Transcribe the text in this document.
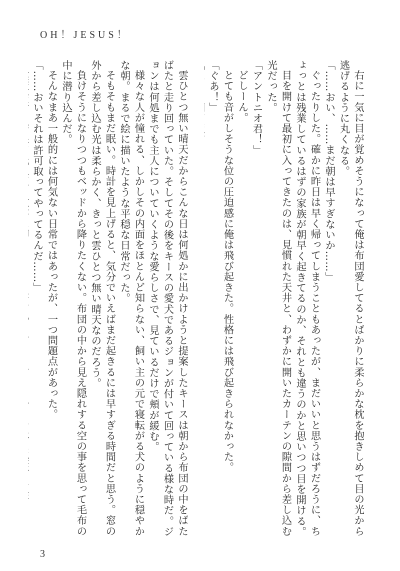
OH！JESUS！

右に一気に目が覚めそうになって俺は布団愛してるとばかりに柔らかな枕を抱きしめて目の光から逃げるように丸くなる。

「……おい、……まだ朝は早すぎないか……」

ぐったりした。確かに昨日は早く帰ってしまうこともあったが、まだいいと思うはずだろうに、ちょっとは残業しているはずの家族が朝早く起きてるのか、それとも違うのかと思いつつ目を開ける。

目を開けて最初に入ってきたのは、見慣れた天井と、わずかに開いたカーテンの隙間から差し込む光だった。

「アントニオ君！」

どしーん。

とても音がしそうな位の圧迫感に俺は飛び起きた。性格には飛び起きられなかった。

「ぐあ！」

雲ひとつ無い晴天だからこんな日は何処かに出かけようと提案したキースは朝から布団の中をばたばたと走り回っていた。そしてその後をキースの愛犬であるジョンが付いて回っている様な時だ。ジョンは何処までも主人についていくような愛らしさで、見ているだけで頬が緩む。

様々な人が憧れる、しかしその内面をほとんど知らない、飼い主の元で寝転がる犬のように穏やかな朝。まるで絵に描いたような平穏な日常だった。

そもそもまだ眠い。時計を見上げると、気分でいえばまだ起きるには早すぎる時間だと思う。窓の外から差し込む光は柔らかく、きっと雲ひとつ無い晴天なのだろう。

負けそうになりつつもベッドから降りたくない。布団の中から見え隠れする空の事を思って毛布の中に潜り込んだ。

そんなまあ一般的には何気ない日常ではあったが、一つ問題点があった。

「……おいそれは許可取ってやってるんだ……」

3
